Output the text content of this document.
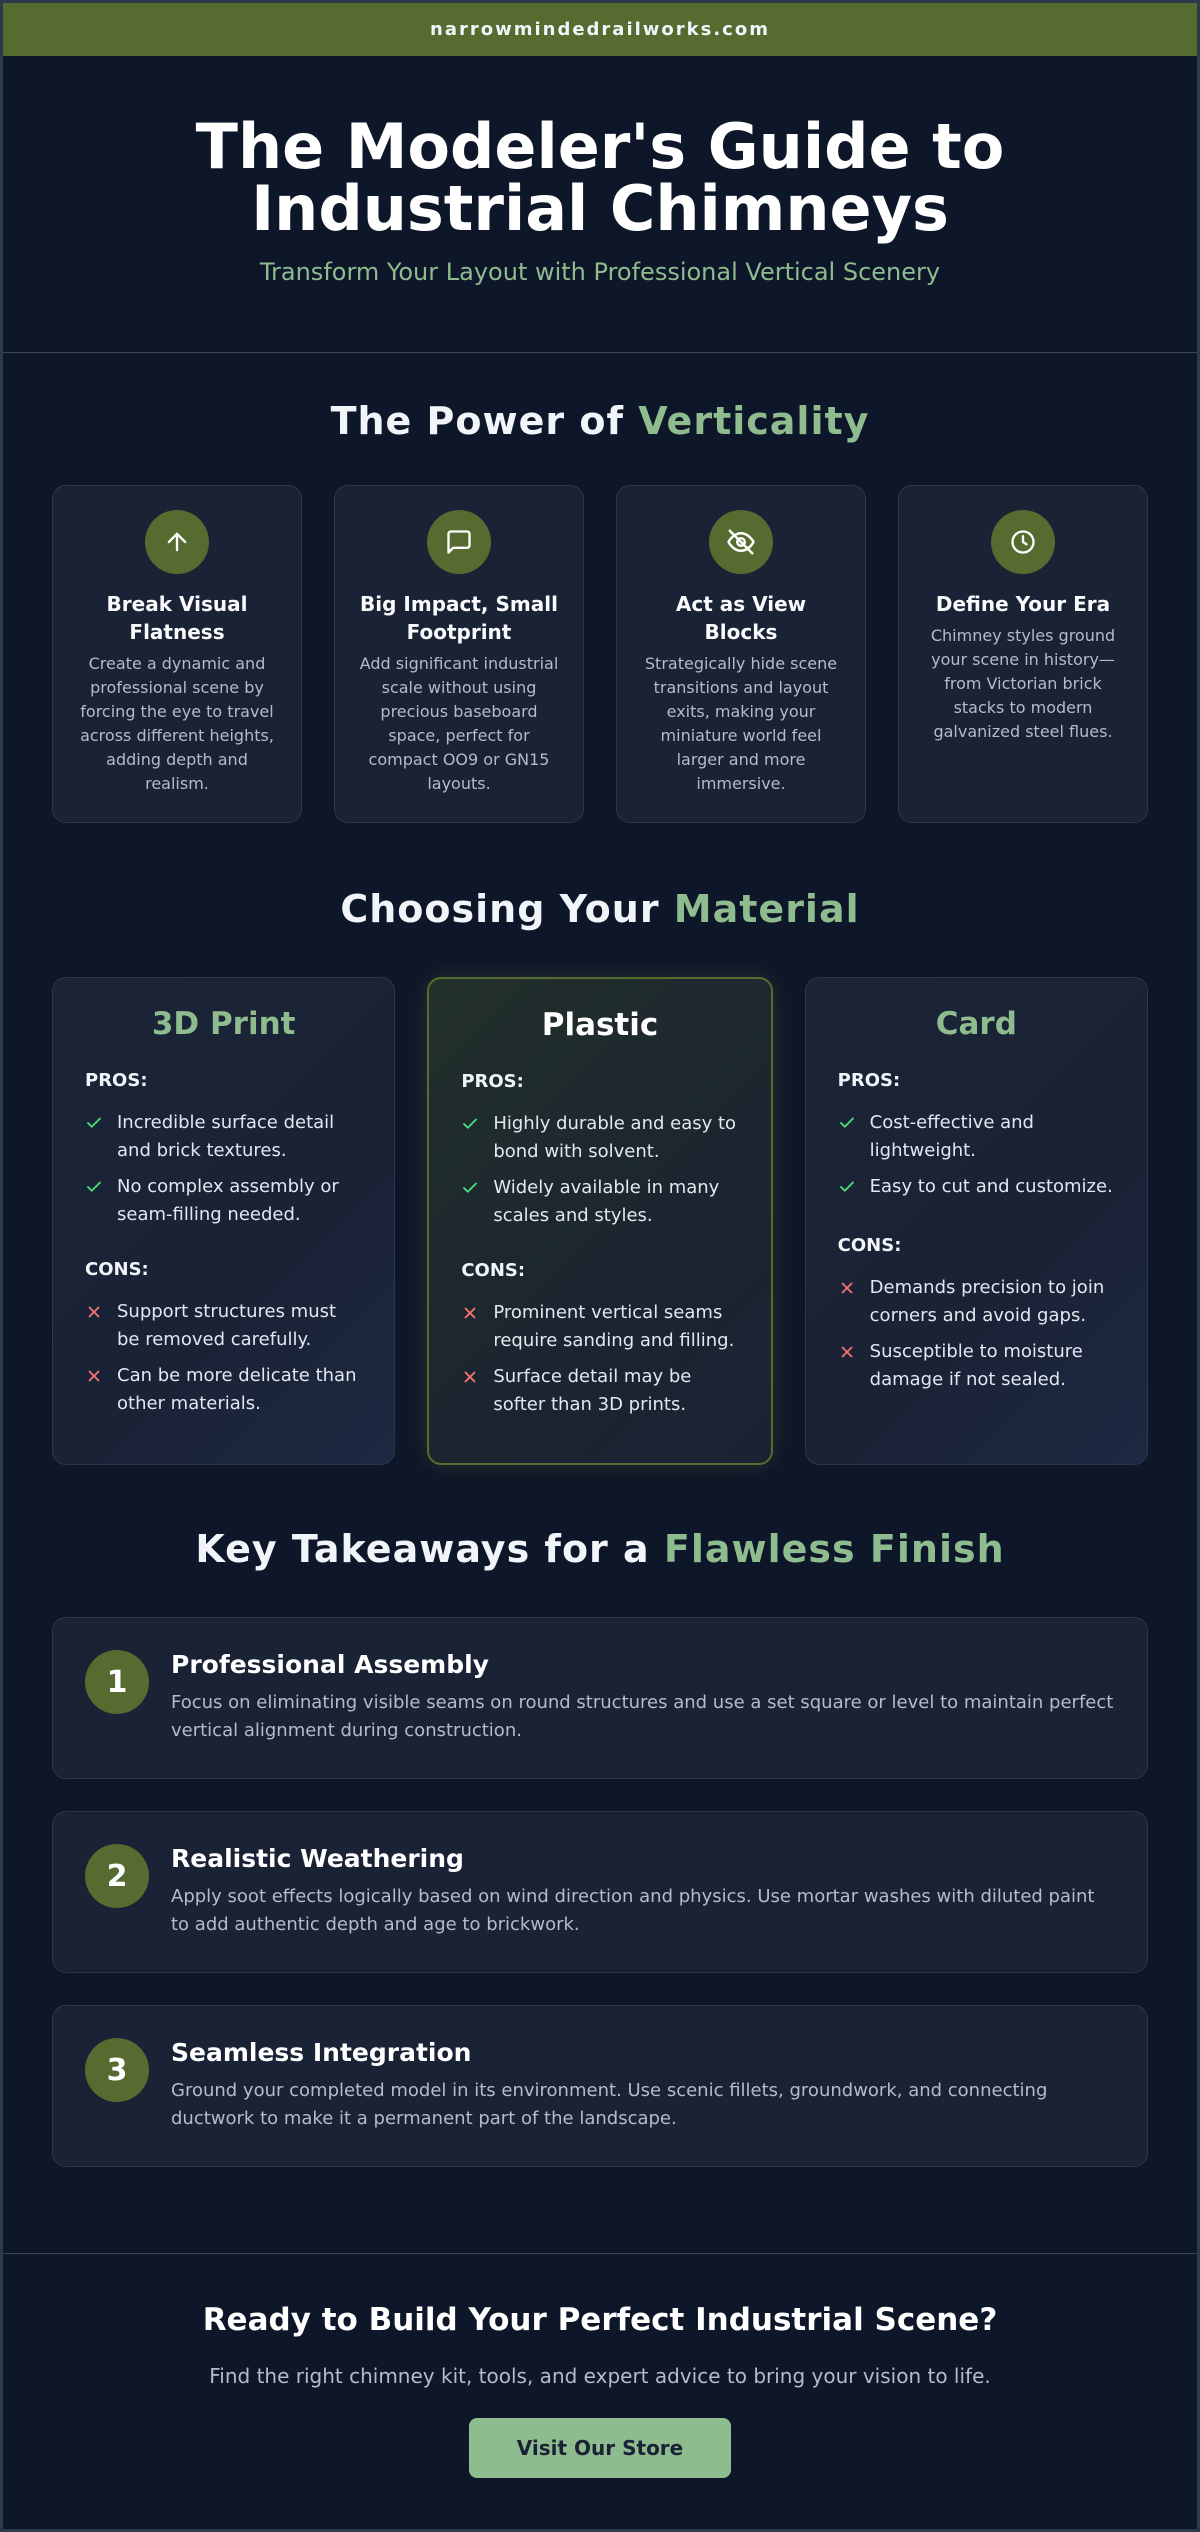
narrowmindedrailworks.com
The Modeler's Guide to Industrial Chimneys
Transform Your Layout with Professional Vertical Scenery
The Power of Verticality
Break Visual Flatness

Create a dynamic and professional scene by forcing the eye to travel across different heights, adding depth and realism.

Big Impact, Small Footprint

Add significant industrial scale without using precious baseboard space, perfect for compact OO9 or GN15 layouts.

Act as View Blocks

Strategically hide scene transitions and layout exits, making your miniature world feel larger and more immersive.

Define Your Era

Chimney styles ground your scene in history—from Victorian brick stacks to modern galvanized steel flues.

Choosing Your Material
3D Print
PROS:
Incredible surface detail and brick textures.
No complex assembly or seam-filling needed.
CONS:
Support structures must be removed carefully.
Can be more delicate than other materials.
Plastic
PROS:
Highly durable and easy to bond with solvent.
Widely available in many scales and styles.
CONS:
Prominent vertical seams require sanding and filling.
Surface detail may be softer than 3D prints.
Card
PROS:
Cost-effective and lightweight.
Easy to cut and customize.
CONS:
Demands precision to join corners and avoid gaps.
Susceptible to moisture damage if not sealed.
Key Takeaways for a Flawless Finish
1	Professional Assembly

Focus on eliminating visible seams on round structures and use a set square or level to maintain perfect vertical alignment during construction.

2	Realistic Weathering

Apply soot effects logically based on wind direction and physics. Use mortar washes with diluted paint to add authentic depth and age to brickwork.

3	Seamless Integration

Ground your completed model in its environment. Use scenic fillets, groundwork, and connecting ductwork to make it a permanent part of the landscape.

Ready to Build Your Perfect Industrial Scene?

Find the right chimney kit, tools, and expert advice to bring your vision to life.

Visit Our Store
